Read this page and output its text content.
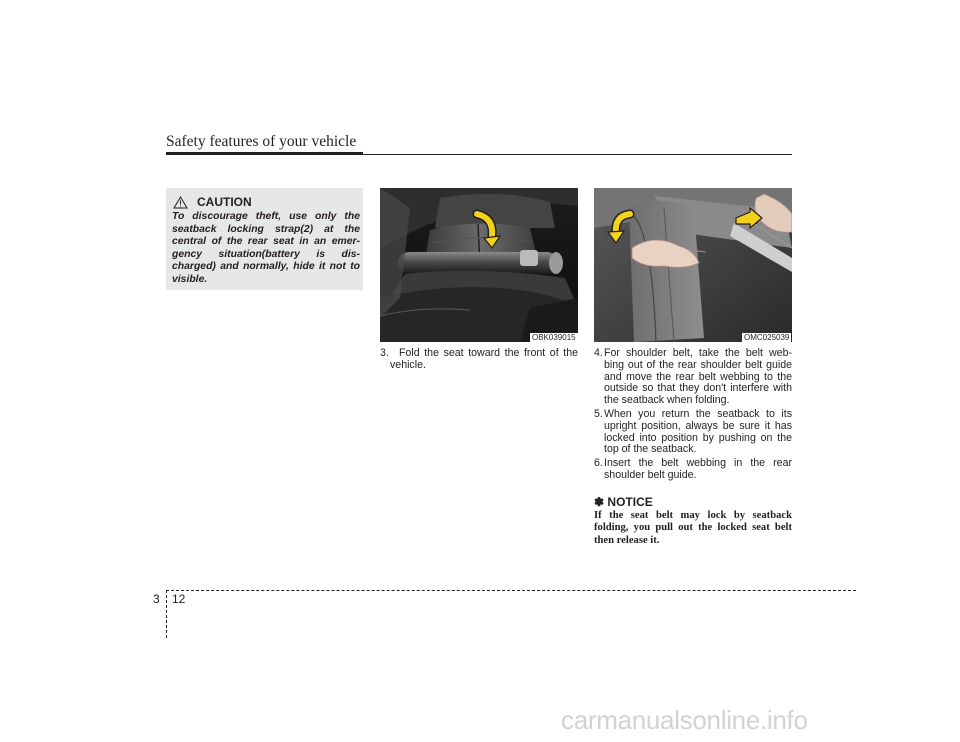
Safety features of your vehicle
CAUTION
To discourage theft, use only the seatback locking strap(2) at the central of the rear seat in an emer-gency situation(battery is dis-charged) and normally, hide it not to visible.
OBK039015	OMC025039
3. Fold the seat toward the front of the vehicle.
4. For shoulder belt, take the belt web-bing out of the rear shoulder belt guide and move the rear belt webbing to the outside so that they don't interfere with the seatback when folding.
5. When you return the seatback to its upright position, always be sure it has locked into position by pushing on the top of the seatback.
6. Insert the belt webbing in the rear shoulder belt guide.
✽ NOTICE
If the seat belt may lock by seatback folding, you pull out the locked seat belt then release it.
3 12
carmanualsonline.info
